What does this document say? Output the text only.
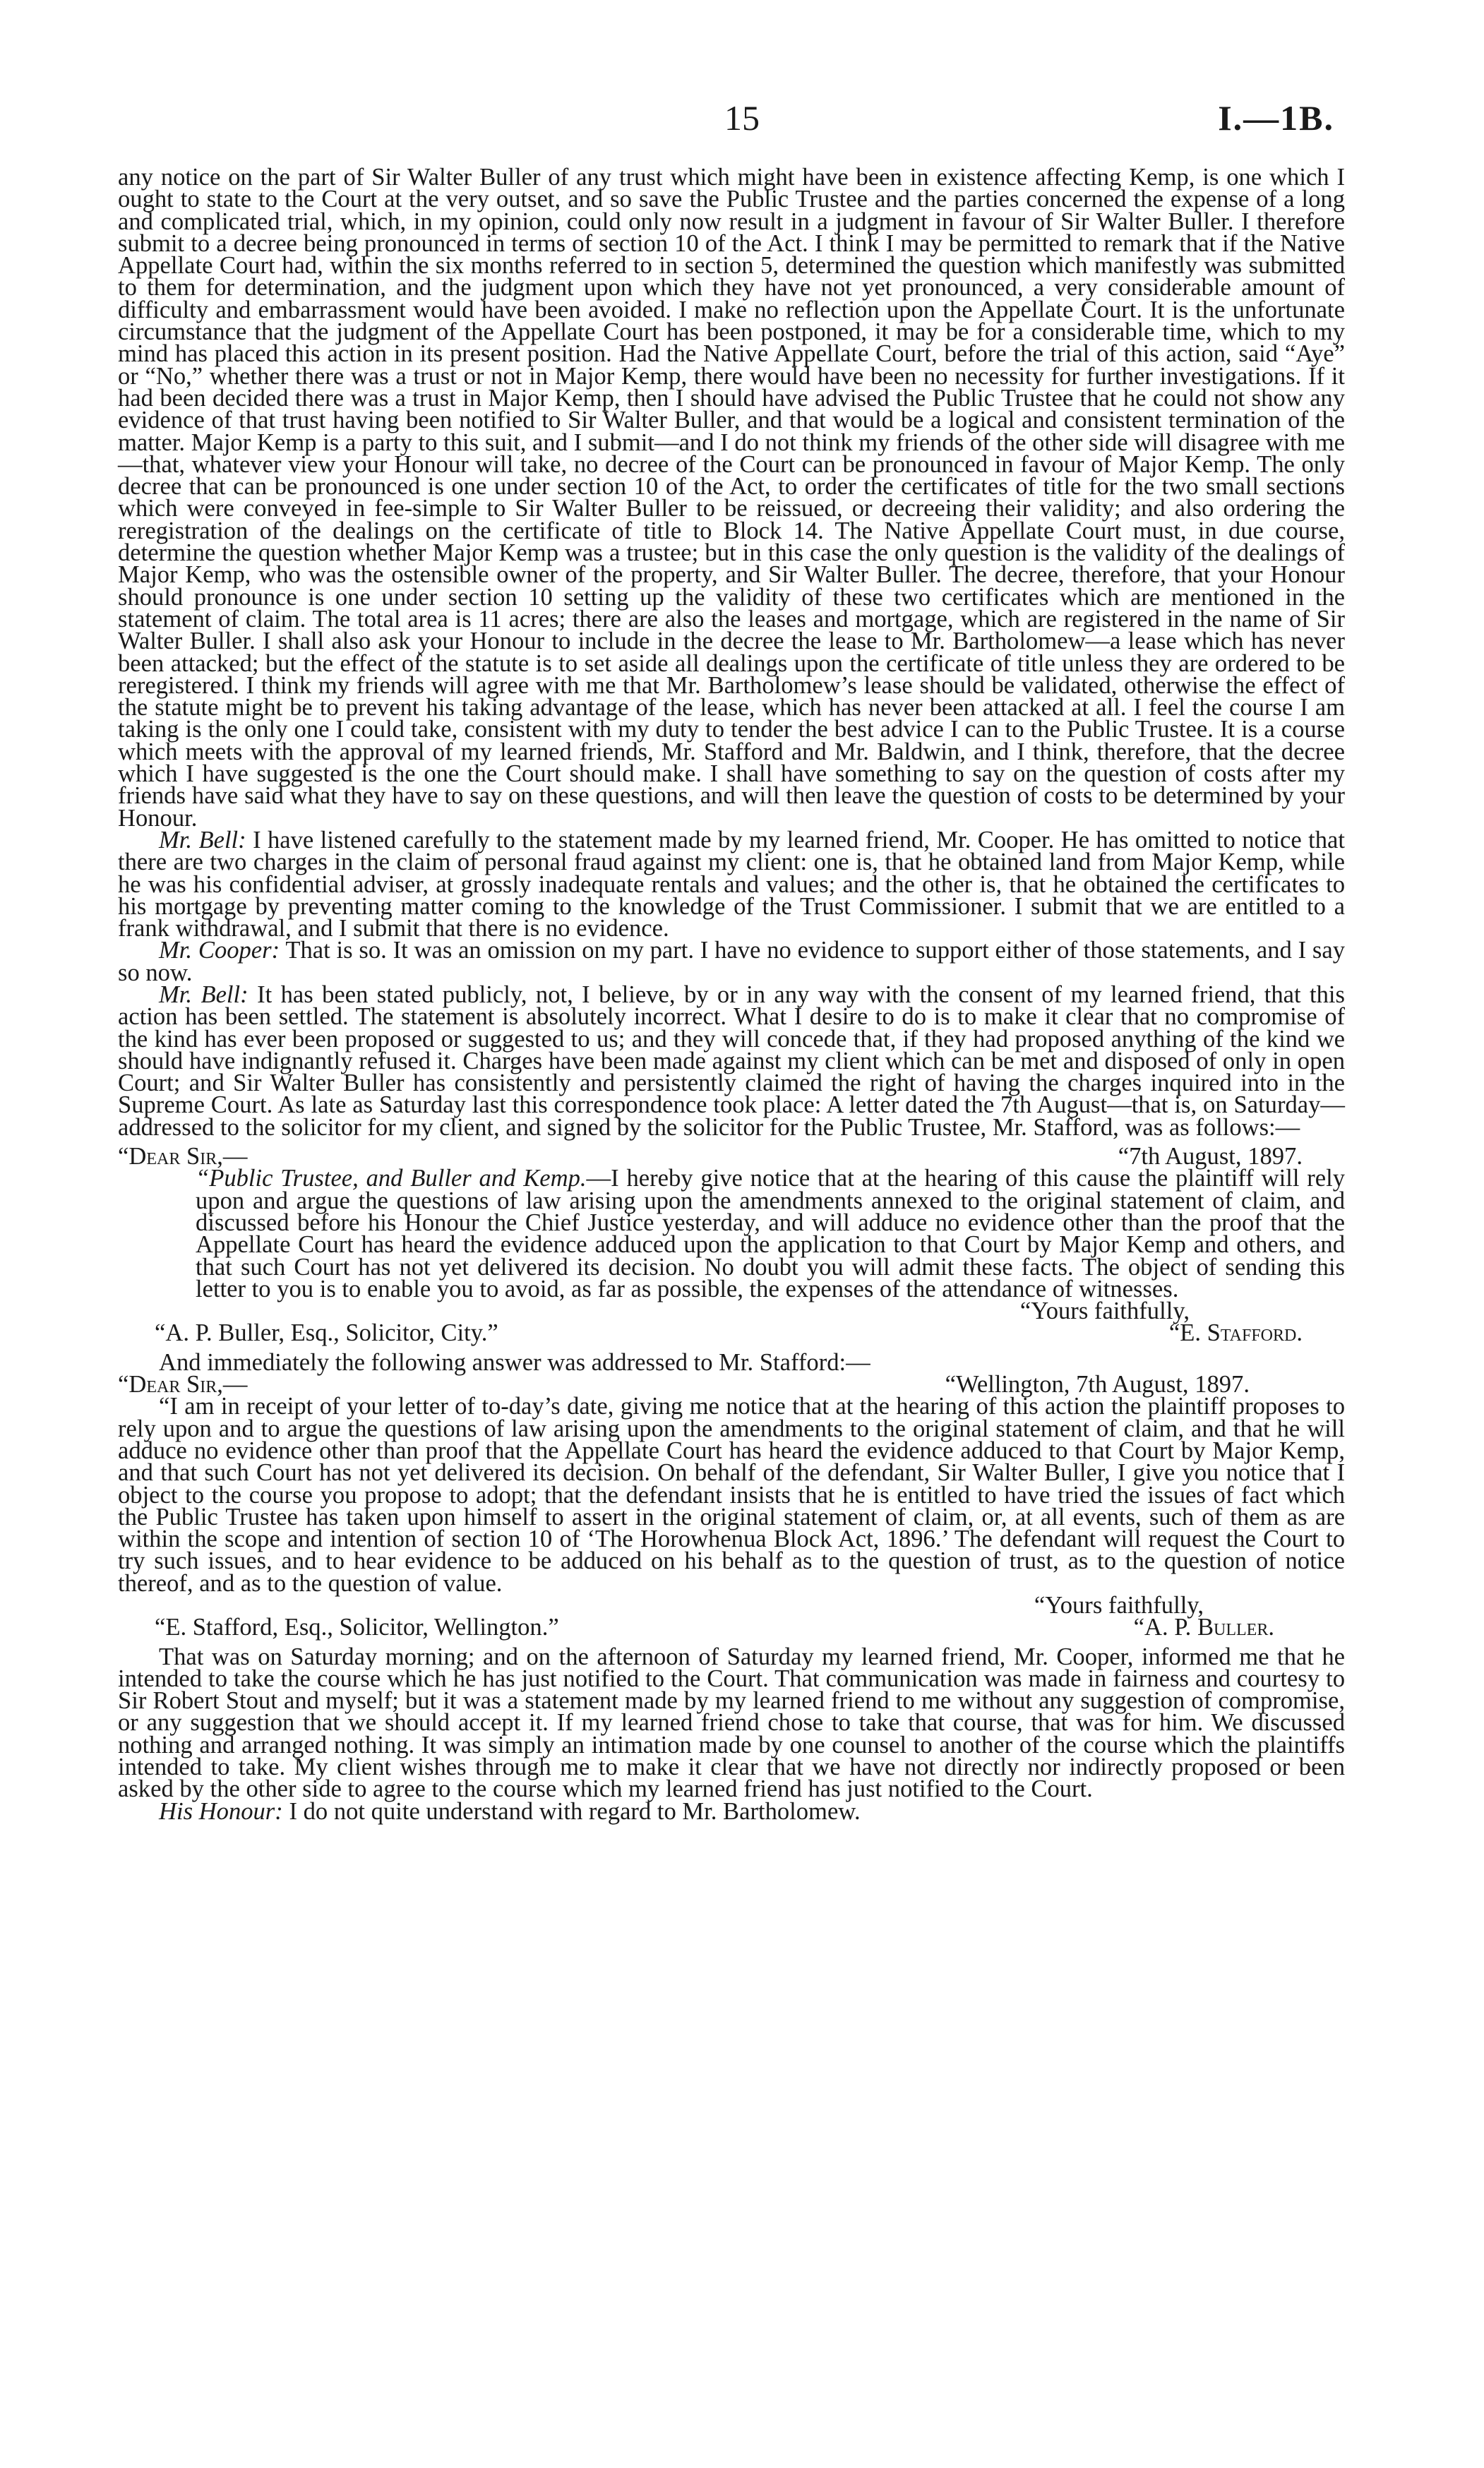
15	I.—1B.

any notice on the part of Sir Walter Buller of any trust which might have been in existence affecting Kemp, is one which I ought to state to the Court at the very outset, and so save the Public Trustee and the parties concerned the expense of a long and complicated trial, which, in my opinion, could only now result in a judgment in favour of Sir Walter Buller. I therefore submit to a decree being pronounced in terms of section 10 of the Act. I think I may be permitted to remark that if the Native Appellate Court had, within the six months referred to in section 5, determined the question which manifestly was submitted to them for determination, and the judgment upon which they have not yet pronounced, a very considerable amount of difficulty and embarrassment would have been avoided. I make no reflection upon the Appellate Court. It is the unfortunate circumstance that the judgment of the Appellate Court has been postponed, it may be for a considerable time, which to my mind has placed this action in its present position. Had the Native Appellate Court, before the trial of this action, said “Aye” or “No,” whether there was a trust or not in Major Kemp, there would have been no necessity for further investigations. If it had been decided there was a trust in Major Kemp, then I should have advised the Public Trustee that he could not show any evidence of that trust having been notified to Sir Walter Buller, and that would be a logical and consistent termination of the matter. Major Kemp is a party to this suit, and I submit—and I do not think my friends of the other side will disagree with me—that, whatever view your Honour will take, no decree of the Court can be pronounced in favour of Major Kemp. The only decree that can be pronounced is one under section 10 of the Act, to order the certificates of title for the two small sections which were conveyed in fee-simple to Sir Walter Buller to be reissued, or decreeing their validity; and also ordering the reregistration of the dealings on the certificate of title to Block 14. The Native Appellate Court must, in due course, determine the question whether Major Kemp was a trustee; but in this case the only question is the validity of the dealings of Major Kemp, who was the ostensible owner of the property, and Sir Walter Buller. The decree, therefore, that your Honour should pronounce is one under section 10 setting up the validity of these two certificates which are mentioned in the statement of claim. The total area is 11 acres; there are also the leases and mortgage, which are registered in the name of Sir Walter Buller. I shall also ask your Honour to include in the decree the lease to Mr. Bartholomew—a lease which has never been attacked; but the effect of the statute is to set aside all dealings upon the certificate of title unless they are ordered to be reregistered. I think my friends will agree with me that Mr. Bartholomew’s lease should be validated, otherwise the effect of the statute might be to prevent his taking advantage of the lease, which has never been attacked at all. I feel the course I am taking is the only one I could take, consistent with my duty to tender the best advice I can to the Public Trustee. It is a course which meets with the approval of my learned friends, Mr. Stafford and Mr. Baldwin, and I think, therefore, that the decree which I have suggested is the one the Court should make. I shall have something to say on the question of costs after my friends have said what they have to say on these questions, and will then leave the question of costs to be determined by your Honour.

Mr. Bell: I have listened carefully to the statement made by my learned friend, Mr. Cooper. He has omitted to notice that there are two charges in the claim of personal fraud against my client: one is, that he obtained land from Major Kemp, while he was his confidential adviser, at grossly inadequate rentals and values; and the other is, that he obtained the certificates to his mortgage by preventing matter coming to the knowledge of the Trust Commissioner. I submit that we are entitled to a frank withdrawal, and I submit that there is no evidence.

Mr. Cooper: That is so. It was an omission on my part. I have no evidence to support either of those statements, and I say so now.

Mr. Bell: It has been stated publicly, not, I believe, by or in any way with the consent of my learned friend, that this action has been settled. The statement is absolutely incorrect. What I desire to do is to make it clear that no compromise of the kind has ever been proposed or suggested to us; and they will concede that, if they had proposed anything of the kind we should have indignantly refused it. Charges have been made against my client which can be met and disposed of only in open Court; and Sir Walter Buller has consistently and persistently claimed the right of having the charges inquired into in the Supreme Court. As late as Saturday last this correspondence took place: A letter dated the 7th August—that is, on Saturday—addressed to the solicitor for my client, and signed by the solicitor for the Public Trustee, Mr. Stafford, was as follows:—

“Dear Sir,—	“7th August, 1897.

“Public Trustee, and Buller and Kemp.—I hereby give notice that at the hearing of this cause the plaintiff will rely upon and argue the questions of law arising upon the amendments annexed to the original statement of claim, and discussed before his Honour the Chief Justice yesterday, and will adduce no evidence other than the proof that the Appellate Court has heard the evidence adduced upon the application to that Court by Major Kemp and others, and that such Court has not yet delivered its decision. No doubt you will admit these facts. The object of sending this letter to you is to enable you to avoid, as far as possible, the expenses of the attendance of witnesses.

“Yours faithfully,

“A. P. Buller, Esq., Solicitor, City.”	“E. Stafford.

And immediately the following answer was addressed to Mr. Stafford:—

“Dear Sir,—	“Wellington, 7th August, 1897.

“I am in receipt of your letter of to-day’s date, giving me notice that at the hearing of this action the plaintiff proposes to rely upon and to argue the questions of law arising upon the amendments to the original statement of claim, and that he will adduce no evidence other than proof that the Appellate Court has heard the evidence adduced to that Court by Major Kemp, and that such Court has not yet delivered its decision. On behalf of the defendant, Sir Walter Buller, I give you notice that I object to the course you propose to adopt; that the defendant insists that he is entitled to have tried the issues of fact which the Public Trustee has taken upon himself to assert in the original statement of claim, or, at all events, such of them as are within the scope and intention of section 10 of ‘The Horowhenua Block Act, 1896.’ The defendant will request the Court to try such issues, and to hear evidence to be adduced on his behalf as to the question of trust, as to the question of notice thereof, and as to the question of value.

“Yours faithfully,

“E. Stafford, Esq., Solicitor, Wellington.”	“A. P. Buller.

That was on Saturday morning; and on the afternoon of Saturday my learned friend, Mr. Cooper, informed me that he intended to take the course which he has just notified to the Court. That communication was made in fairness and courtesy to Sir Robert Stout and myself; but it was a statement made by my learned friend to me without any suggestion of compromise, or any suggestion that we should accept it. If my learned friend chose to take that course, that was for him. We discussed nothing and arranged nothing. It was simply an intimation made by one counsel to another of the course which the plaintiffs intended to take. My client wishes through me to make it clear that we have not directly nor indirectly proposed or been asked by the other side to agree to the course which my learned friend has just notified to the Court.

His Honour: I do not quite understand with regard to Mr. Bartholomew.
